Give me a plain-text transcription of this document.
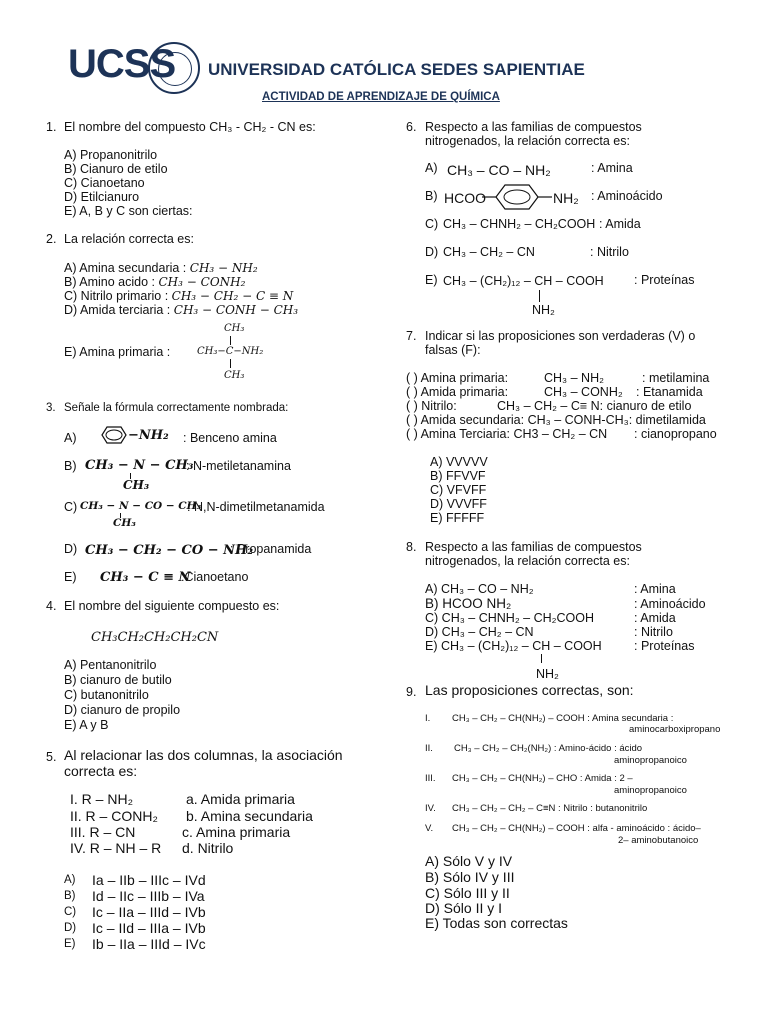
UCSS UNIVERSIDAD CATÓLICA SEDES SAPIENTIAE
ACTIVIDAD DE APRENDIZAJE DE QUÍMICA
1. El nombre del compuesto CH₃ - CH₂ - CN es:
A) Propanonitrilo
B) Cianuro de etilo
C) Cianoetano
D) Etilcianuro
E) A, B y C son ciertas:
2. La relación correcta es:
A) Amina secundaria : CH₃ − NH₂
B) Amino acido : CH₃ − CONH₂
C) Nitrilo primario : CH₃ − CH₂ − C ≡ N
D) Amida terciaria : CH₃ − CONH − CH₃
E) Amina primaria :
CH₃
CH₃−C−NH₂
CH₃
3. Señale la fórmula correctamente nombrada:
A)	−NH₂ : Benceno amina
B) CH₃ − N − CH₃
CH₃
: N-metiletanamina
C) CH₃ − N − CO − CH₃
CH₃
: N,N-dimetilmetanamida
D) CH₃ − CH₂ − CO − NH₂
: Propanamida
E) CH₃ − C ≡ N
:Cianoetano
4. El nombre del siguiente compuesto es:
CH₃CH₂CH₂CH₂CN
A) Pentanonitrilo
B) cianuro de butilo
C) butanonitrilo
D) cianuro de propilo
E) A y B
5. Al relacionar las dos columnas, la asociación
correcta es:
I. R – NH₂	a. Amida primaria
II. R – CONH₂ b. Amina secundaria
III. R – CN	c. Amina primaria
IV. R – NH – R d. Nitrilo
A) Ia – IIb – IIIc – IVd
B) Id – IIc – IIIb – IVa
C) Ic – IIa – IIId – IVb
D) Ic – IId – IIIa – IVb
E) Ib – IIa – IIId – IVc
6. Respecto a las familias de compuestos
nitrogenados, la relación correcta es:
A) CH₃ – CO – NH₂	: Amina
B) HCOO	NH₂ : Aminoácido
C) CH₃ – CHNH₂ – CH₂COOH : Amida
D) CH₃ – CH₂ – CN	: Nitrilo
E) CH₃ – (CH₂)₁₂ – CH – COOH
NH₂
: Proteínas
7. Indicar si las proposiciones son verdaderas (V) o
falsas (F):
( ) Amina primaria:	CH₃ – NH₂	: metilamina
( ) Amida primaria:	CH₃ – CONH₂ : Etanamida
( ) Nitrilo:	CH₃ – CH₂ – C≡ N: cianuro de etilo
( ) Amida secundaria: CH₃ – CONH-CH₃: dimetilamida
( ) Amina Terciaria: CH3 – CH₂ – CN : cianopropano
A) VVVVV
B) FFVVF
C) VFVFF
D) VVVFF
E) FFFFF
8. Respecto a las familias de compuestos
nitrogenados, la relación correcta es:
A) CH₃ – CO – NH₂	: Amina
B) HCOO NH₂	: Aminoácido
C) CH₃ – CHNH₂ – CH₂COOH	: Amida
D) CH₃ – CH₂ – CN	: Nitrilo
E) CH₃ – (CH₂)₁₂ – CH – COOH	: Proteínas
NH₂
9. Las proposiciones correctas, son:
I. CH₃ – CH₂ – CH(NH₂) – COOH : Amina secundaria :
aminocarboxipropano
II. CH₃ – CH₂ – CH₂(NH₂) : Amino-ácido : ácido
aminopropanoico
III. CH₃ – CH₂ – CH(NH₂) – CHO : Amida : 2 –
aminopropanoico
IV. CH₃ – CH₂ – CH₂ – C≡N : Nitrilo : butanonitrilo
V. CH₃ – CH₂ – CH(NH₂) – COOH : alfa - aminoácido : ácido–
2– aminobutanoico
A) Sólo V y IV
B) Sólo IV y III
C) Sólo III y II
D) Sólo II y I
E) Todas son correctas
